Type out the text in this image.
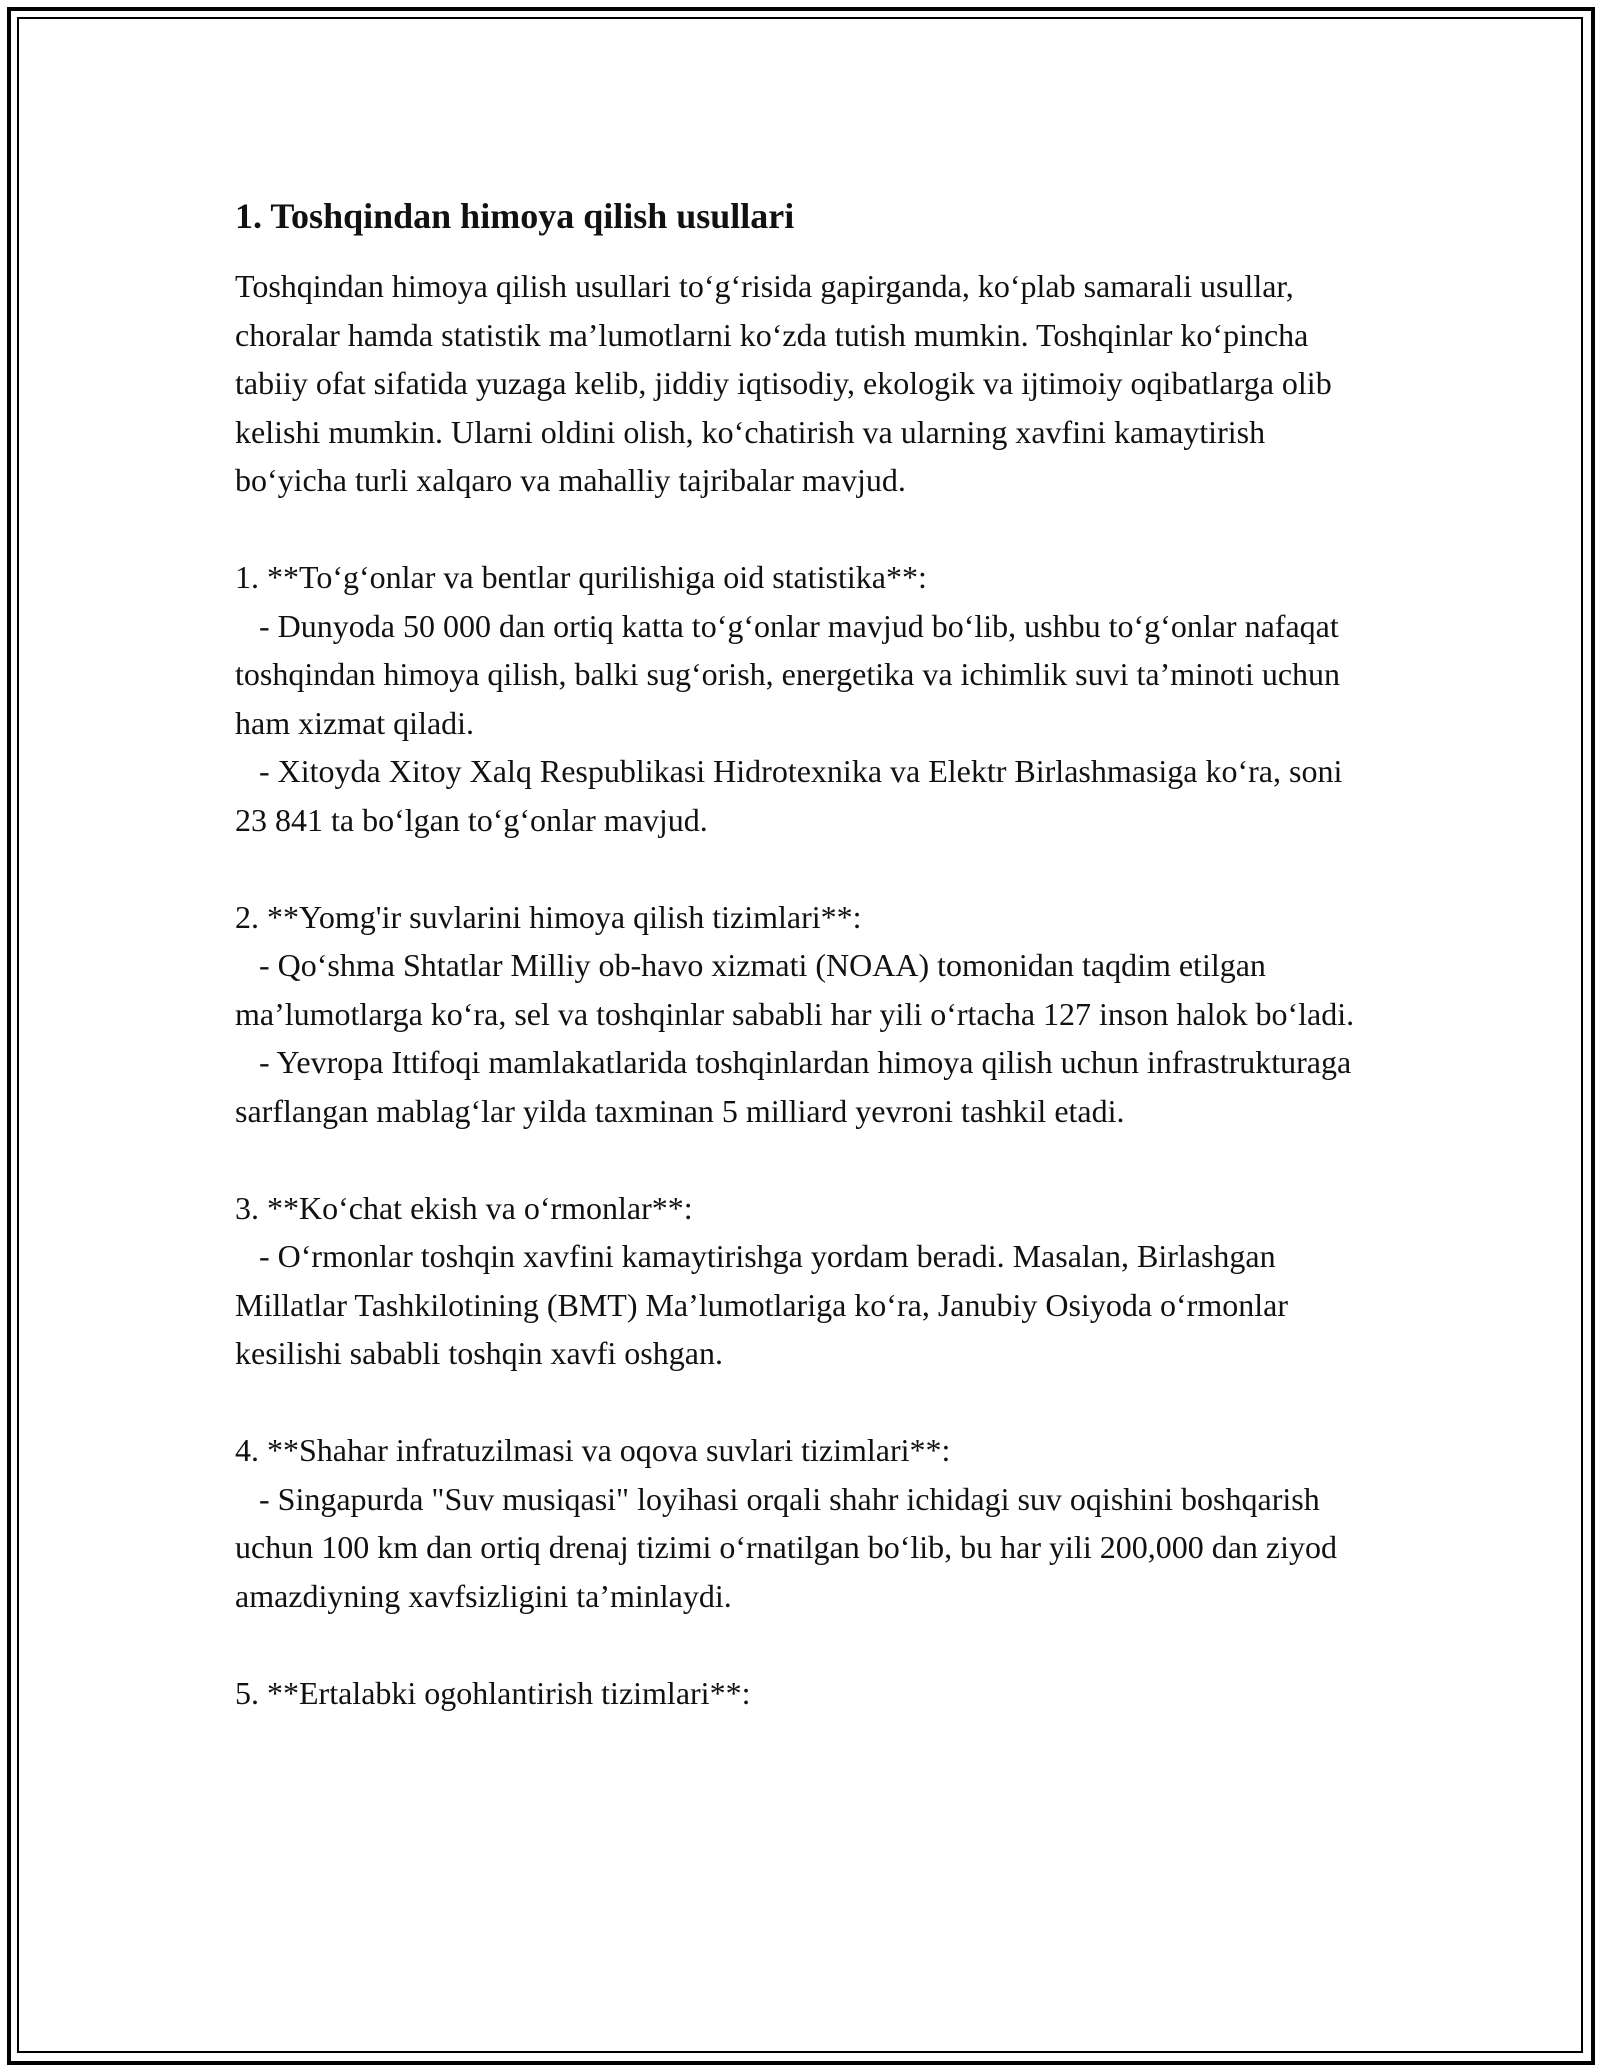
1. Toshqindan himoya qilish usullari

Toshqindan himoya qilish usullari to‘g‘risida gapirganda, ko‘plab samarali usullar, choralar hamda statistik ma’lumotlarni ko‘zda tutish mumkin. Toshqinlar ko‘pincha tabiiy ofat sifatida yuzaga kelib, jiddiy iqtisodiy, ekologik va ijtimoiy oqibatlarga olib kelishi mumkin. Ularni oldini olish, ko‘chatirish va ularning xavfini kamaytirish bo‘yicha turli xalqaro va mahalliy tajribalar mavjud.

1. **To‘g‘onlar va bentlar qurilishiga oid statistika**:

- Dunyoda 50 000 dan ortiq katta to‘g‘onlar mavjud bo‘lib, ushbu to‘g‘onlar nafaqat toshqindan himoya qilish, balki sug‘orish, energetika va ichimlik suvi ta’minoti uchun ham xizmat qiladi.

- Xitoyda Xitoy Xalq Respublikasi Hidrotexnika va Elektr Birlashmasiga ko‘ra, soni 23 841 ta bo‘lgan to‘g‘onlar mavjud.

2. **Yomg'ir suvlarini himoya qilish tizimlari**:

- Qo‘shma Shtatlar Milliy ob-havo xizmati (NOAA) tomonidan taqdim etilgan ma’lumotlarga ko‘ra, sel va toshqinlar sababli har yili o‘rtacha 127 inson halok bo‘ladi.

- Yevropa Ittifoqi mamlakatlarida toshqinlardan himoya qilish uchun infrastrukturaga sarflangan mablag‘lar yilda taxminan 5 milliard yevroni tashkil etadi.

3. **Ko‘chat ekish va o‘rmonlar**:

- O‘rmonlar toshqin xavfini kamaytirishga yordam beradi. Masalan, Birlashgan Millatlar Tashkilotining (BMT) Ma’lumotlariga ko‘ra, Janubiy Osiyoda o‘rmonlar kesilishi sababli toshqin xavfi oshgan.

4. **Shahar infratuzilmasi va oqova suvlari tizimlari**:

- Singapurda "Suv musiqasi" loyihasi orqali shahr ichidagi suv oqishini boshqarish uchun 100 km dan ortiq drenaj tizimi o‘rnatilgan bo‘lib, bu har yili 200,000 dan ziyod amazdiyning xavfsizligini ta’minlaydi.

5. **Ertalabki ogohlantirish tizimlari**:
